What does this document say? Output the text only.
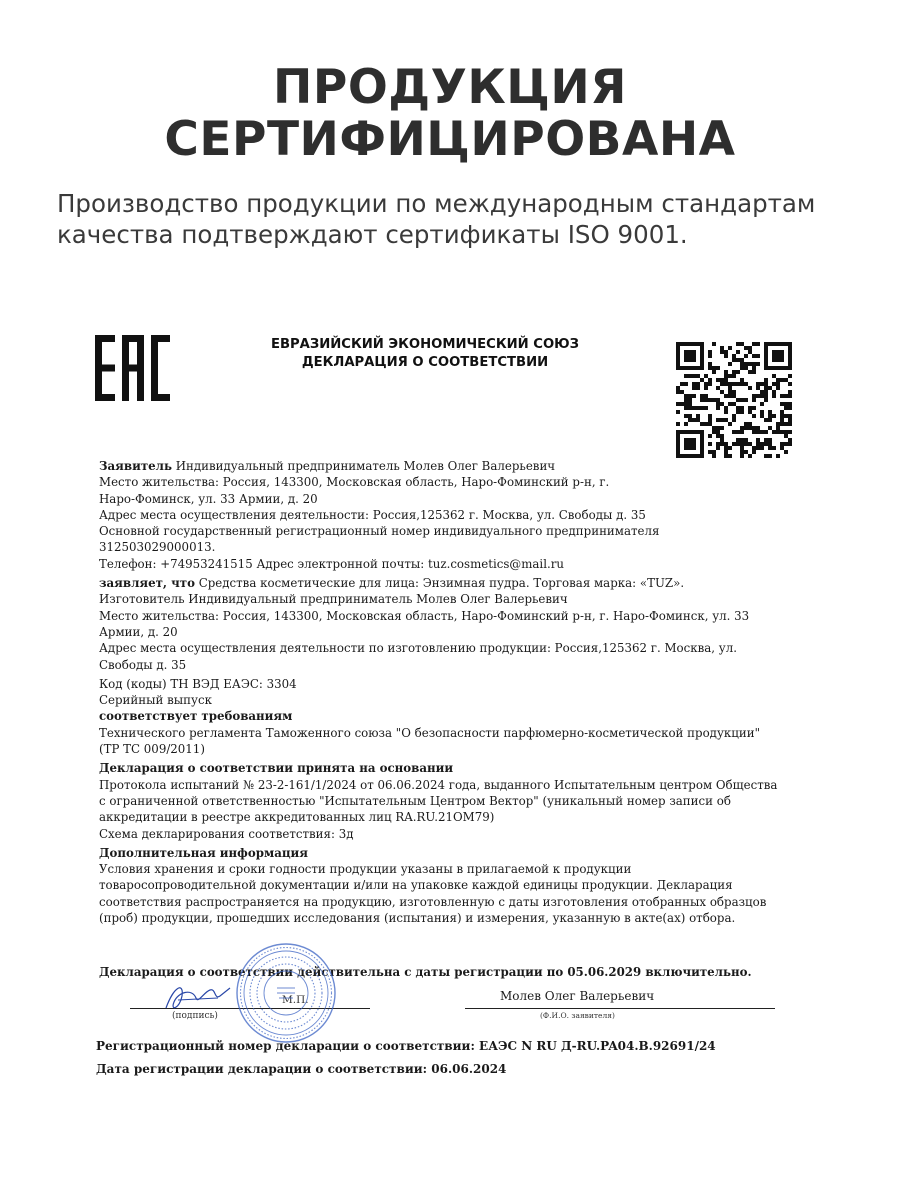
ПРОДУКЦИЯ
СЕРТИФИЦИРОВАНА
Производство продукции по международным стандартам
качества подтверждают сертификаты ISO 9001.
ЕВРАЗИЙСКИЙ ЭКОНОМИЧЕСКИЙ СОЮЗ
ДЕКЛАРАЦИЯ О СООТВЕТСТВИИ
Заявитель Индивидуальный предприниматель Молев Олег Валерьевич
Место жительства: Россия, 143300, Московская область, Наро-Фоминский р-н, г.
Наро-Фоминск, ул. 33 Армии, д. 20
Адрес места осуществления деятельности: Россия,125362 г. Москва, ул. Свободы д. 35
Основной государственный регистрационный номер индивидуального предпринимателя
312503029000013.
Телефон: +74953241515 Адрес электронной почты: tuz.cosmetics@mail.ru
заявляет, что Средства косметические для лица: Энзимная пудра. Торговая марка: «TUZ».
Изготовитель Индивидуальный предприниматель Молев Олег Валерьевич
Место жительства: Россия, 143300, Московская область, Наро-Фоминский р-н, г. Наро-Фоминск, ул. 33
Армии, д. 20
Адрес места осуществления деятельности по изготовлению продукции: Россия,125362 г. Москва, ул.
Свободы д. 35
Код (коды) ТН ВЭД ЕАЭС: 3304
Серийный выпуск
соответствует требованиям
Технического регламента Таможенного союза "О безопасности парфюмерно-косметической продукции"
(ТР ТС 009/2011)
Декларация о соответствии принята на основании
Протокола испытаний № 23-2-161/1/2024 от 06.06.2024 года, выданного Испытательным центром Общества
с ограниченной ответственностью "Испытательным Центром Вектор" (уникальный номер записи об
аккредитации в реестре аккредитованных лиц RA.RU.21ОМ79)
Схема декларирования соответствия: 3д
Дополнительная информация
Условия хранения и сроки годности продукции указаны в прилагаемой к продукции
товаросопроводительной документации и/или на упаковке каждой единицы продукции. Декларация
соответствия распространяется на продукцию, изготовленную с даты изготовления отобранных образцов
(проб) продукции, прошедших исследования (испытания) и измерения, указанную в акте(ах) отбора.
Декларация о соответствии действительна с даты регистрации по 05.06.2029 включительно.
(подпись)
М.П.	Молев Олег Валерьевич
(Ф.И.О. заявителя)
Регистрационный номер декларации о соответствии: ЕАЭС N RU Д-RU.PA04.B.92691/24
Дата регистрации декларации о соответствии: 06.06.2024
